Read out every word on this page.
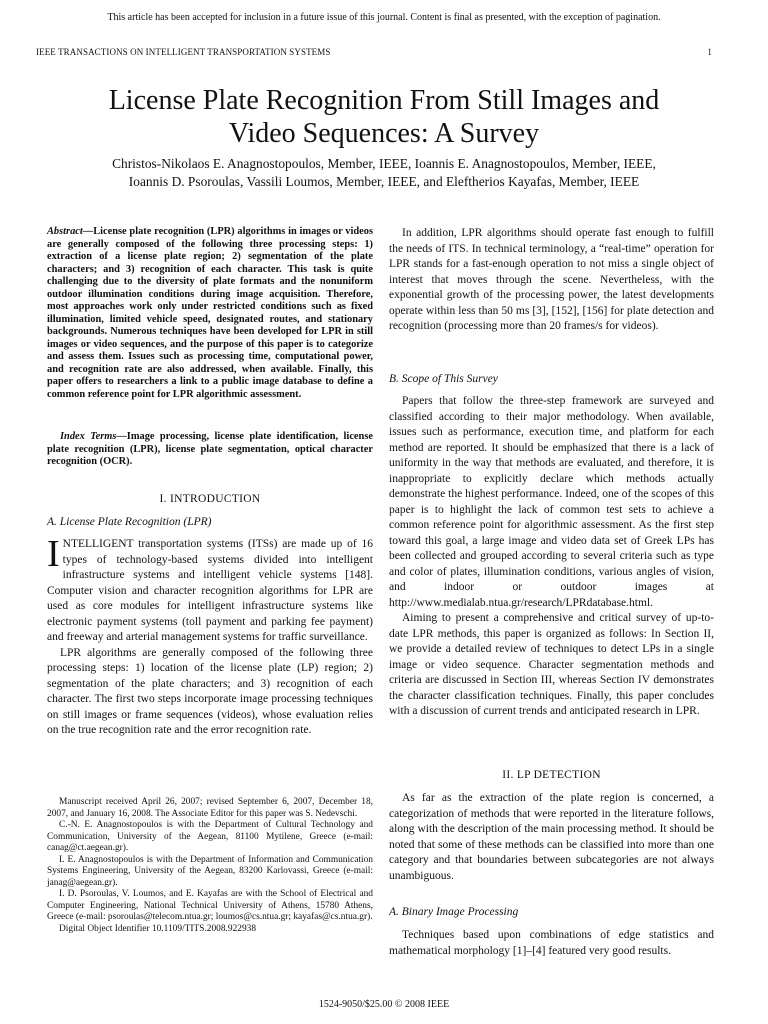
This article has been accepted for inclusion in a future issue of this journal. Content is final as presented, with the exception of pagination.
IEEE TRANSACTIONS ON INTELLIGENT TRANSPORTATION SYSTEMS	1
License Plate Recognition From Still Images and
Video Sequences: A Survey
Christos-Nikolaos E. Anagnostopoulos, Member, IEEE, Ioannis E. Anagnostopoulos, Member, IEEE,
Ioannis D. Psoroulas, Vassili Loumos, Member, IEEE, and Eleftherios Kayafas, Member, IEEE
Abstract—License plate recognition (LPR) algorithms in images or videos are generally composed of the following three processing steps: 1) extraction of a license plate region; 2) segmentation of the plate characters; and 3) recognition of each character. This task is quite challenging due to the diversity of plate formats and the nonuniform outdoor illumination conditions during image acquisition. Therefore, most approaches work only under restricted conditions such as fixed illumination, limited vehicle speed, designated routes, and stationary backgrounds. Numerous techniques have been developed for LPR in still images or video sequences, and the purpose of this paper is to categorize and assess them. Issues such as processing time, computational power, and recognition rate are also addressed, when available. Finally, this paper offers to researchers a link to a public image database to define a common reference point for LPR algorithmic assessment.
Index Terms—Image processing, license plate identification, license plate recognition (LPR), license plate segmentation, optical character recognition (OCR).
I. INTRODUCTION
A. License Plate Recognition (LPR)

INTELLIGENT transportation systems (ITSs) are made up of 16 types of technology-based systems divided into intelligent infrastructure systems and intelligent vehicle systems [148]. Computer vision and character recognition algorithms for LPR are used as core modules for intelligent infrastructure systems like electronic payment systems (toll payment and parking fee payment) and freeway and arterial management systems for traffic surveillance.

LPR algorithms are generally composed of the following three processing steps: 1) location of the license plate (LP) region; 2) segmentation of the plate characters; and 3) recognition of each character. The first two steps incorporate image processing techniques on still images or frame sequences (videos), whose evaluation relies on the true recognition rate and the error recognition rate.

Manuscript received April 26, 2007; revised September 6, 2007, December 18, 2007, and January 16, 2008. The Associate Editor for this paper was S. Nedevschi.

C.-N. E. Anagnostopoulos is with the Department of Cultural Technology and Communication, University of the Aegean, 81100 Mytilene, Greece (e-mail: canag@ct.aegean.gr).

I. E. Anagnostopoulos is with the Department of Information and Communication Systems Engineering, University of the Aegean, 83200 Karlovassi, Greece (e-mail: janag@aegean.gr).

I. D. Psoroulas, V. Loumos, and E. Kayafas are with the School of Electrical and Computer Engineering, National Technical University of Athens, 15780 Athens, Greece (e-mail: psoroulas@telecom.ntua.gr; loumos@cs.ntua.gr; kayafas@cs.ntua.gr).

Digital Object Identifier 10.1109/TITS.2008.922938

In addition, LPR algorithms should operate fast enough to fulfill the needs of ITS. In technical terminology, a “real-time” operation for LPR stands for a fast-enough operation to not miss a single object of interest that moves through the scene. Nevertheless, with the exponential growth of the processing power, the latest developments operate within less than 50 ms [3], [152], [156] for plate detection and recognition (processing more than 20 frames/s for videos).

B. Scope of This Survey

Papers that follow the three-step framework are surveyed and classified according to their major methodology. When available, issues such as performance, execution time, and platform for each method are reported. It should be emphasized that there is a lack of uniformity in the way that methods are evaluated, and therefore, it is inappropriate to explicitly declare which methods actually demonstrate the highest performance. Indeed, one of the scopes of this paper is to highlight the lack of common test sets to achieve a common reference point for algorithmic assessment. As the first step toward this goal, a large image and video data set of Greek LPs has been collected and grouped according to several criteria such as type and color of plates, illumination conditions, various angles of vision, and indoor or outdoor images at http://www.medialab.ntua.gr/research/LPRdatabase.html.

Aiming to present a comprehensive and critical survey of up-to-date LPR methods, this paper is organized as follows: In Section II, we provide a detailed review of techniques to detect LPs in a single image or video sequence. Character segmentation methods and criteria are discussed in Section III, whereas Section IV demonstrates the character classification techniques. Finally, this paper concludes with a discussion of current trends and anticipated research in LPR.

II. LP DETECTION

As far as the extraction of the plate region is concerned, a categorization of methods that were reported in the literature follows, along with the description of the main processing method. It should be noted that some of these methods can be classified into more than one category and that boundaries between subcategories are not always unambiguous.

A. Binary Image Processing

Techniques based upon combinations of edge statistics and mathematical morphology [1]–[4] featured very good results.

1524-9050/$25.00 © 2008 IEEE
